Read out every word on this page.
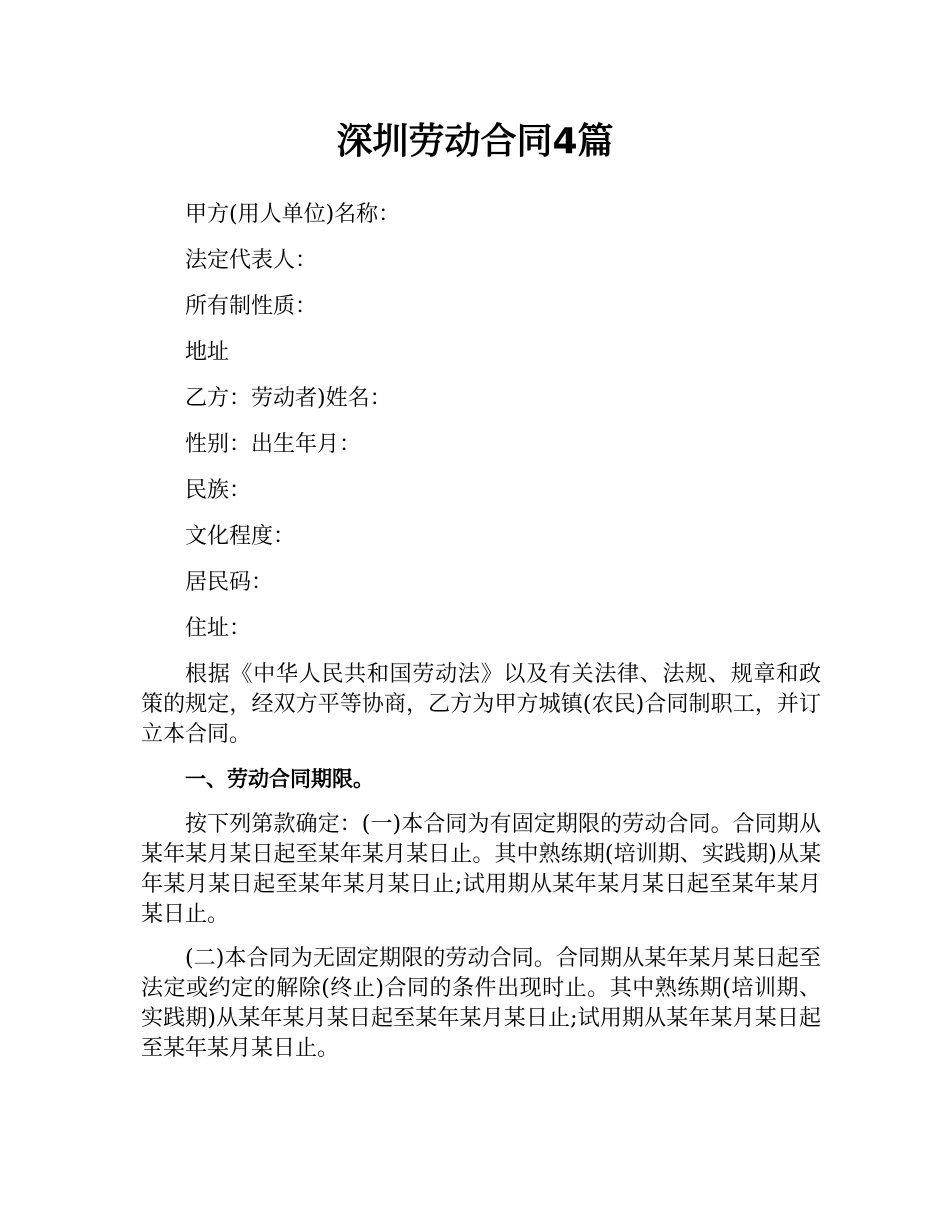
深圳劳动合同4篇

甲方(用人单位)名称：

法定代表人：

所有制性质：

地址

乙方：劳动者)姓名：

性别：出生年月：

民族：

文化程度：

居民码：

住址：

根据《中华人民共和国劳动法》以及有关法律、法规、规章和政策的规定，经双方平等协商，乙方为甲方城镇(农民)合同制职工，并订立本合同。

一、劳动合同期限。

按下列第款确定：(一)本合同为有固定期限的劳动合同。合同期从某年某月某日起至某年某月某日止。其中熟练期(培训期、实践期)从某年某月某日起至某年某月某日止;试用期从某年某月某日起至某年某月某日止。

(二)本合同为无固定期限的劳动合同。合同期从某年某月某日起至法定或约定的解除(终止)合同的条件出现时止。其中熟练期(培训期、实践期)从某年某月某日起至某年某月某日止;试用期从某年某月某日起至某年某月某日止。
